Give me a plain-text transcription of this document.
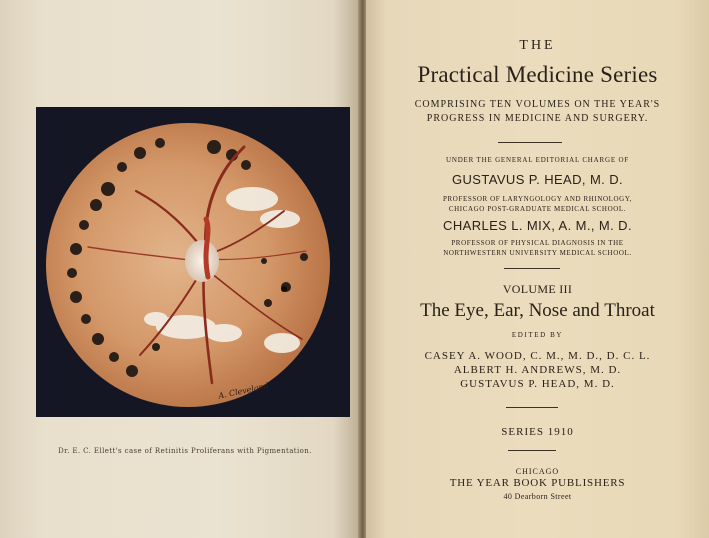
A. Cleveland
Dr. E. C. Ellett's case of Retinitis Proliferans with Pigmentation.
THE
Practical Medicine Series
COMPRISING TEN VOLUMES ON THE YEAR'S
PROGRESS IN MEDICINE AND SURGERY.
UNDER THE GENERAL EDITORIAL CHARGE OF
GUSTAVUS P. HEAD, M. D.
PROFESSOR OF LARYNGOLOGY AND RHINOLOGY,
CHICAGO POST-GRADUATE MEDICAL SCHOOL.
CHARLES L. MIX, A. M., M. D.
PROFESSOR OF PHYSICAL DIAGNOSIS IN THE
NORTHWESTERN UNIVERSITY MEDICAL SCHOOL.
VOLUME III
The Eye, Ear, Nose and Throat
EDITED BY
CASEY A. WOOD, C. M., M. D., D. C. L.
ALBERT H. ANDREWS, M. D.
GUSTAVUS P. HEAD, M. D.
SERIES 1910
CHICAGO
THE YEAR BOOK PUBLISHERS
40 Dearborn Street
